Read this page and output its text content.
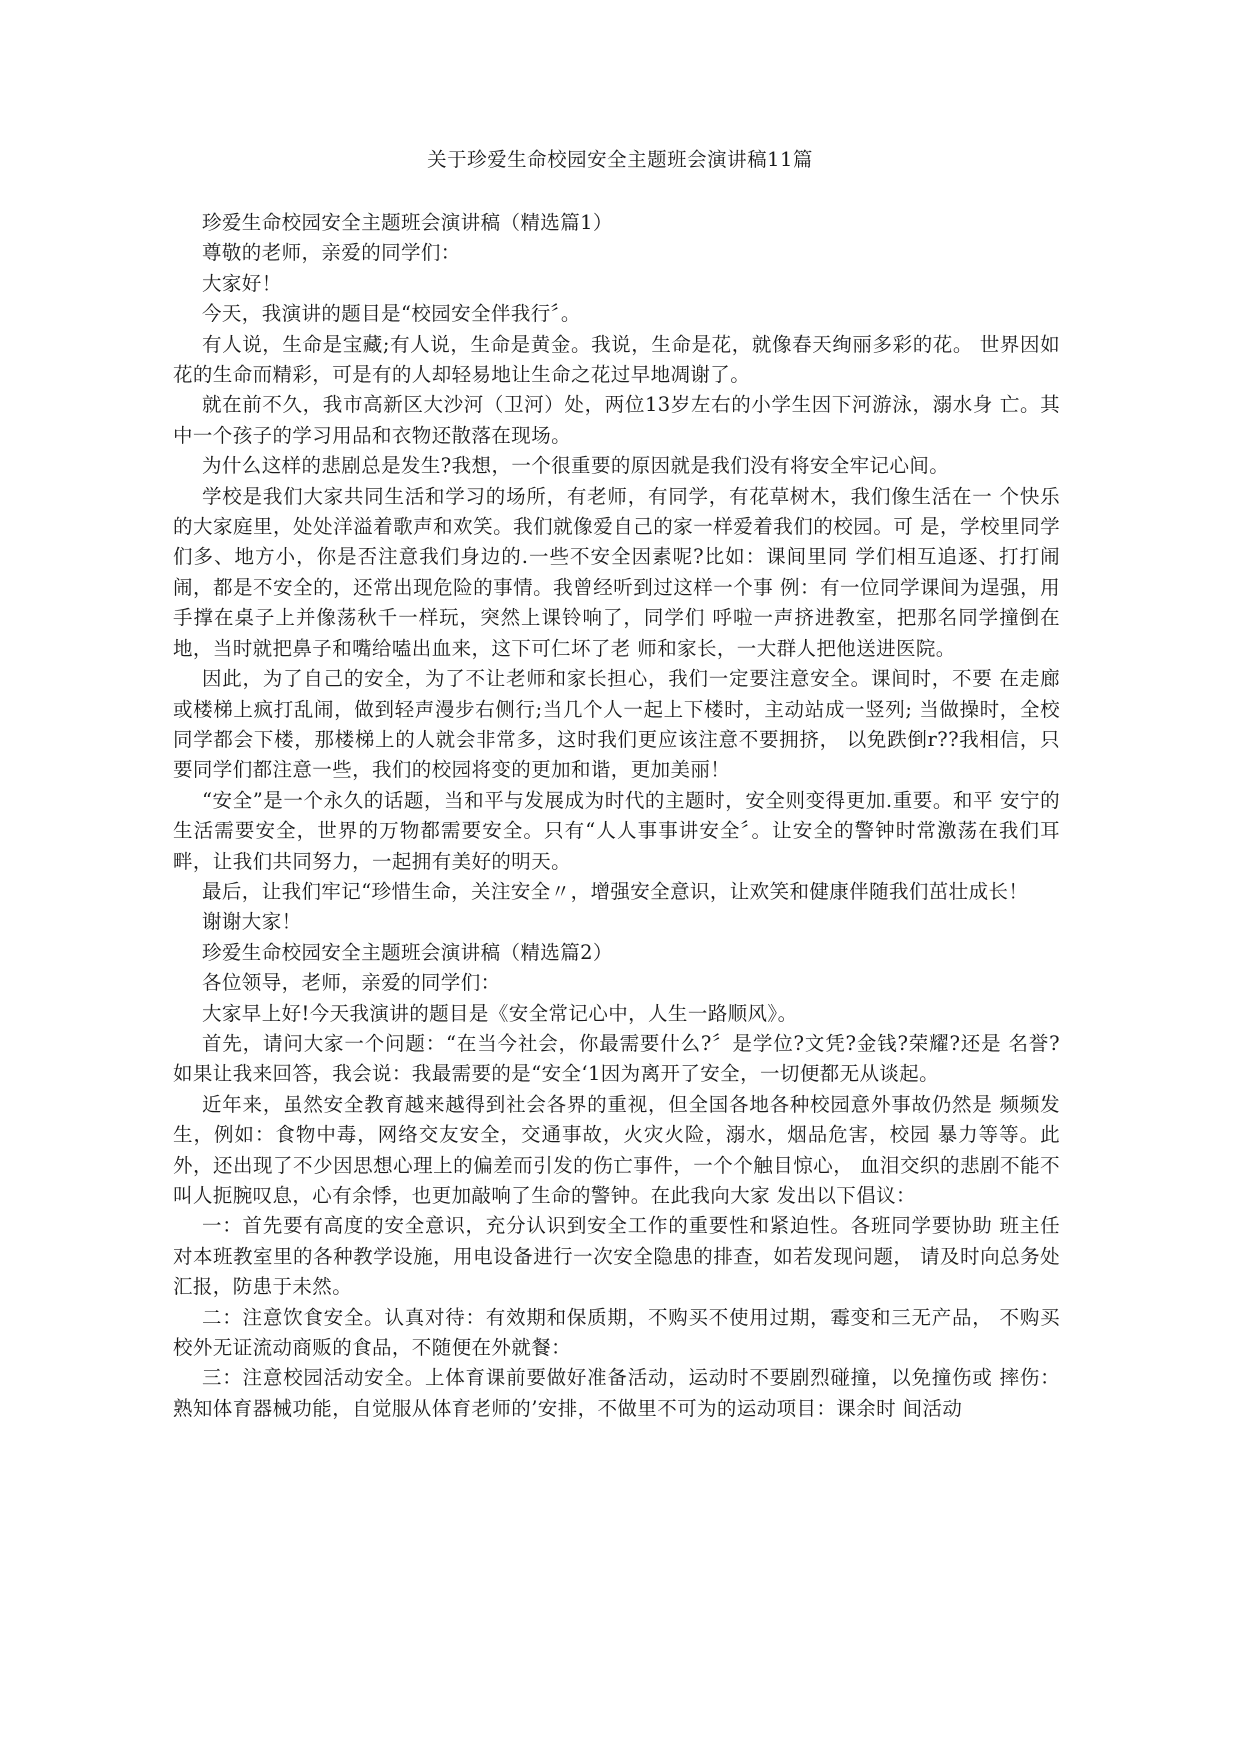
关于珍爱生命校园安全主题班会演讲稿11篇

珍爱生命校园安全主题班会演讲稿（精选篇1）

尊敬的老师，亲爱的同学们：

大家好！

今天，我演讲的题目是“校园安全伴我行〞。

有人说，生命是宝藏;有人说，生命是黄金。我说，生命是花，就像春天绚丽多彩的花。 世界因如花的生命而精彩，可是有的人却轻易地让生命之花过早地凋谢了。

就在前不久，我市高新区大沙河（卫河）处，两位13岁左右的小学生因下河游泳，溺水身 亡。其中一个孩子的学习用品和衣物还散落在现场。

为什么这样的悲剧总是发生?我想，一个很重要的原因就是我们没有将安全牢记心间。

学校是我们大家共同生活和学习的场所，有老师，有同学，有花草树木，我们像生活在一 个快乐的大家庭里，处处洋溢着歌声和欢笑。我们就像爱自己的家一样爱着我们的校园。可 是，学校里同学们多、地方小，你是否注意我们身边的.一些不安全因素呢?比如：课间里同 学们相互追逐、打打闹闹，都是不安全的，还常出现危险的事情。我曾经听到过这样一个事 例：有一位同学课间为逞强，用手撑在桌子上并像荡秋千一样玩，突然上课铃响了，同学们 呼啦一声挤进教室，把那名同学撞倒在地，当时就把鼻子和嘴给嗑出血来，这下可仁坏了老 师和家长，一大群人把他送进医院。

因此，为了自己的安全，为了不让老师和家长担心，我们一定要注意安全。课间时，不要 在走廊或楼梯上疯打乱闹，做到轻声漫步右侧行;当几个人一起上下楼时，主动站成一竖列; 当做操时，全校同学都会下楼，那楼梯上的人就会非常多，这时我们更应该注意不要拥挤， 以免跌倒r??我相信，只要同学们都注意一些，我们的校园将变的更加和谐，更加美丽！

“安全”是一个永久的话题，当和平与发展成为时代的主题时，安全则变得更加.重要。和平 安宁的生活需要安全，世界的万物都需要安全。只有“人人事事讲安全〞。让安全的警钟时常激荡在我们耳畔，让我们共同努力，一起拥有美好的明天。

最后，让我们牢记“珍惜生命，关注安全〃，增强安全意识，让欢笑和健康伴随我们茁壮成长！

谢谢大家！

珍爱生命校园安全主题班会演讲稿（精选篇2）

各位领导，老师，亲爱的同学们：

大家早上好!今天我演讲的题目是《安全常记心中，人生一路顺风》。

首先，请问大家一个问题：“在当今社会，你最需要什么?〞是学位?文凭?金钱?荣耀?还是 名誉?如果让我来回答，我会说：我最需要的是“安全‘1因为离开了安全，一切便都无从谈起。

近年来，虽然安全教育越来越得到社会各界的重视，但全国各地各种校园意外事故仍然是 频频发生，例如：食物中毒，网络交友安全，交通事故，火灾火险，溺水，烟品危害，校园 暴力等等。此外，还出现了不少因思想心理上的偏差而引发的伤亡事件，一个个触目惊心， 血泪交织的悲剧不能不叫人扼腕叹息，心有余悸，也更加敲响了生命的警钟。在此我向大家 发出以下倡议：

一：首先要有高度的安全意识，充分认识到安全工作的重要性和紧迫性。各班同学要协助 班主任对本班教室里的各种教学设施，用电设备进行一次安全隐患的排查，如若发现问题， 请及时向总务处汇报，防患于未然。

二：注意饮食安全。认真对待：有效期和保质期，不购买不使用过期，霉变和三无产品， 不购买校外无证流动商贩的食品，不随便在外就餐：

三：注意校园活动安全。上体育课前要做好准备活动，运动时不要剧烈碰撞，以免撞伤或 摔伤：熟知体育器械功能，自觉服从体育老师的’安排，不做里不可为的运动项目：课余时 间活动
